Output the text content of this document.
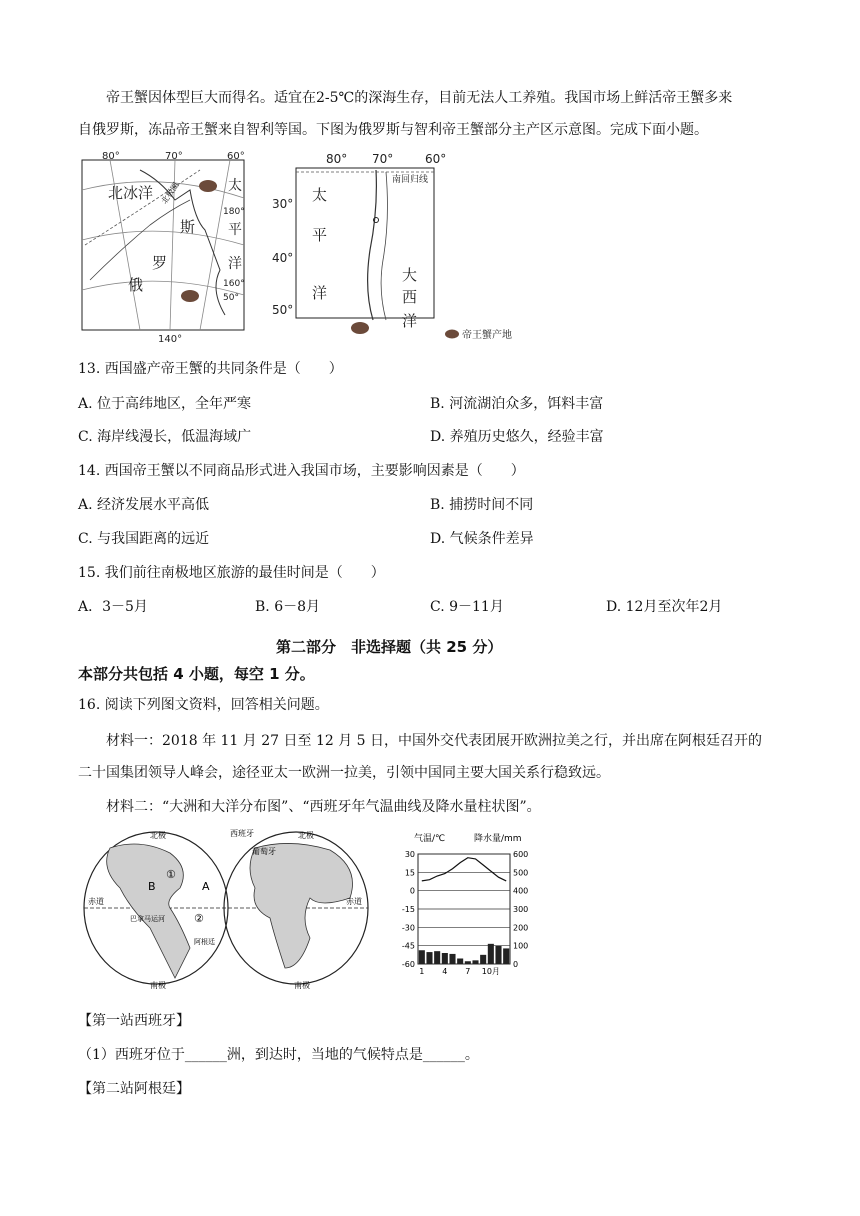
帝王蟹因体型巨大而得名。适宜在2-5℃的深海生存，目前无法人工养殖。我国市场上鲜活帝王蟹多来
自俄罗斯，冻品帝王蟹来自智利等国。下图为俄罗斯与智利帝王蟹部分主产区示意图。完成下面小题。
80°	70°	60°
180°
160°
50°
140°
北冰洋 北极圈	太
平
洋
斯
罗
俄
80° 70°	60°
30°
40°
50°
太
平
洋
大
西
洋
南回归线
帝王蟹产地
13. 西国盛产帝王蟹的共同条件是（　　）
A. 位于高纬地区，全年严寒	B. 河流湖泊众多，饵料丰富
C. 海岸线漫长，低温海域广	D. 养殖历史悠久，经验丰富
14. 西国帝王蟹以不同商品形式进入我国市场，主要影响因素是（　　）
A. 经济发展水平高低	B. 捕捞时间不同
C. 与我国距离的远近	D. 气候条件差异
15. 我们前往南极地区旅游的最佳时间是（　　）
A．3－5月	B. 6－8月	C. 9－11月	D. 12月至次年2月
第二部分　非选择题（共 25 分）
本部分共包括 4 小题，每空 1 分。
16. 阅读下列图文资料，回答相关问题。
材料一：2018 年 11 月 27 日至 12 月 5 日，中国外交代表团展开欧洲拉美之行，并出席在阿根廷召开的
二十国集团领导人峰会，途径亚太一欧洲一拉美，引领中国同主要大国关系行稳致远。
材料二：“大洲和大洋分布图”、“西班牙年气温曲线及降水量柱状图”。
北极	西班牙
葡萄牙
A
B
①
②
赤道
巴拿马运河
阿根廷
南极
北极
南极
赤道
气温/℃	降水量/mm
30
15
0
-15
-30
-45
-60
600
500
400
300
200
100
0
1 4 7 10月
【第一站西班牙】
（1）西班牙位于______洲，到达时，当地的气候特点是______。
【第二站阿根廷】
